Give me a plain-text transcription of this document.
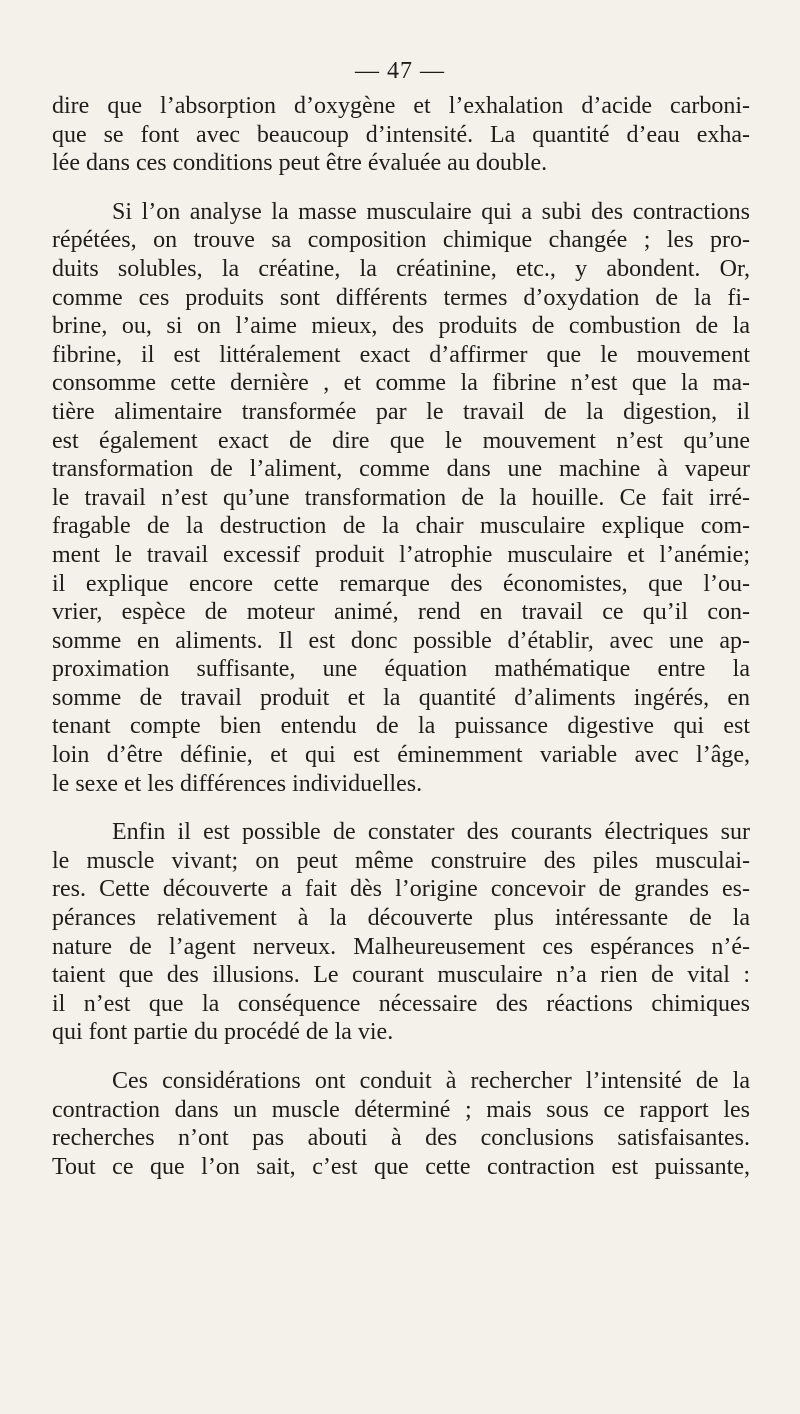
— 47 —

dire que l’absorption d’oxygène et l’exhalation d’acide carboni-
que se font avec beaucoup d’intensité. La quantité d’eau exha-
lée dans ces conditions peut être évaluée au double.

Si l’on analyse la masse musculaire qui a subi des contractions
répétées, on trouve sa composition chimique changée ; les pro-
duits solubles, la créatine, la créatinine, etc., y abondent. Or,
comme ces produits sont différents termes d’oxydation de la fi-
brine, ou, si on l’aime mieux, des produits de combustion de la
fibrine, il est littéralement exact d’affirmer que le mouvement
consomme cette dernière , et comme la fibrine n’est que la ma-
tière alimentaire transformée par le travail de la digestion, il
est également exact de dire que le mouvement n’est qu’une
transformation de l’aliment, comme dans une machine à vapeur
le travail n’est qu’une transformation de la houille. Ce fait irré-
fragable de la destruction de la chair musculaire explique com-
ment le travail excessif produit l’atrophie musculaire et l’anémie;
il explique encore cette remarque des économistes, que l’ou-
vrier, espèce de moteur animé, rend en travail ce qu’il con-
somme en aliments. Il est donc possible d’établir, avec une ap-
proximation suffisante, une équation mathématique entre la
somme de travail produit et la quantité d’aliments ingérés, en
tenant compte bien entendu de la puissance digestive qui est
loin d’être définie, et qui est éminemment variable avec l’âge,
le sexe et les différences individuelles.

Enfin il est possible de constater des courants électriques sur
le muscle vivant; on peut même construire des piles musculai-
res. Cette découverte a fait dès l’origine concevoir de grandes es-
pérances relativement à la découverte plus intéressante de la
nature de l’agent nerveux. Malheureusement ces espérances n’é-
taient que des illusions. Le courant musculaire n’a rien de vital :
il n’est que la conséquence nécessaire des réactions chimiques
qui font partie du procédé de la vie.

Ces considérations ont conduit à rechercher l’intensité de la
contraction dans un muscle déterminé ; mais sous ce rapport les
recherches n’ont pas abouti à des conclusions satisfaisantes.
Tout ce que l’on sait, c’est que cette contraction est puissante,
